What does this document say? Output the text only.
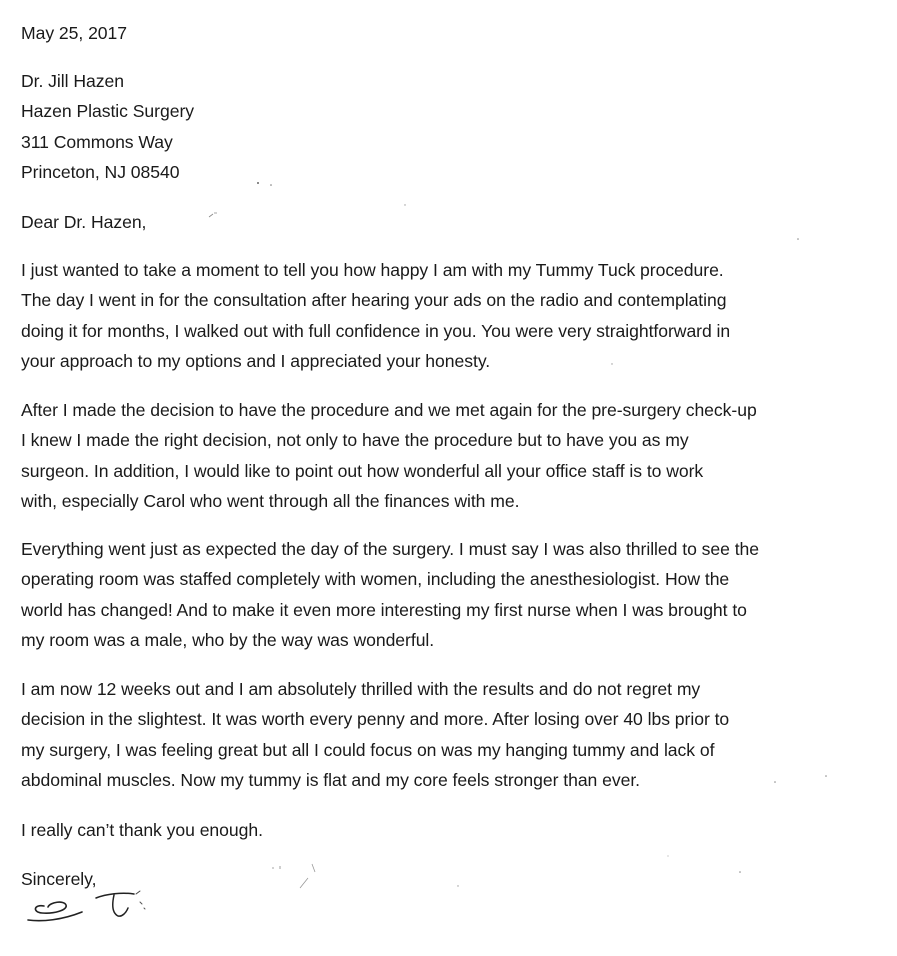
May 25, 2017
Dr. Jill Hazen
Hazen Plastic Surgery
311 Commons Way
Princeton, NJ 08540
Dear Dr. Hazen,
I just wanted to take a moment to tell you how happy I am with my Tummy Tuck procedure.
The day I went in for the consultation after hearing your ads on the radio and contemplating
doing it for months, I walked out with full confidence in you. You were very straightforward in
your approach to my options and I appreciated your honesty.
After I made the decision to have the procedure and we met again for the pre-surgery check-up
I knew I made the right decision, not only to have the procedure but to have you as my
surgeon. In addition, I would like to point out how wonderful all your office staff is to work
with, especially Carol who went through all the finances with me.
Everything went just as expected the day of the surgery. I must say I was also thrilled to see the
operating room was staffed completely with women, including the anesthesiologist. How the
world has changed! And to make it even more interesting my first nurse when I was brought to
my room was a male, who by the way was wonderful.
I am now 12 weeks out and I am absolutely thrilled with the results and do not regret my
decision in the slightest. It was worth every penny and more. After losing over 40 lbs prior to
my surgery, I was feeling great but all I could focus on was my hanging tummy and lack of
abdominal muscles. Now my tummy is flat and my core feels stronger than ever.
I really can’t thank you enough.
Sincerely,
